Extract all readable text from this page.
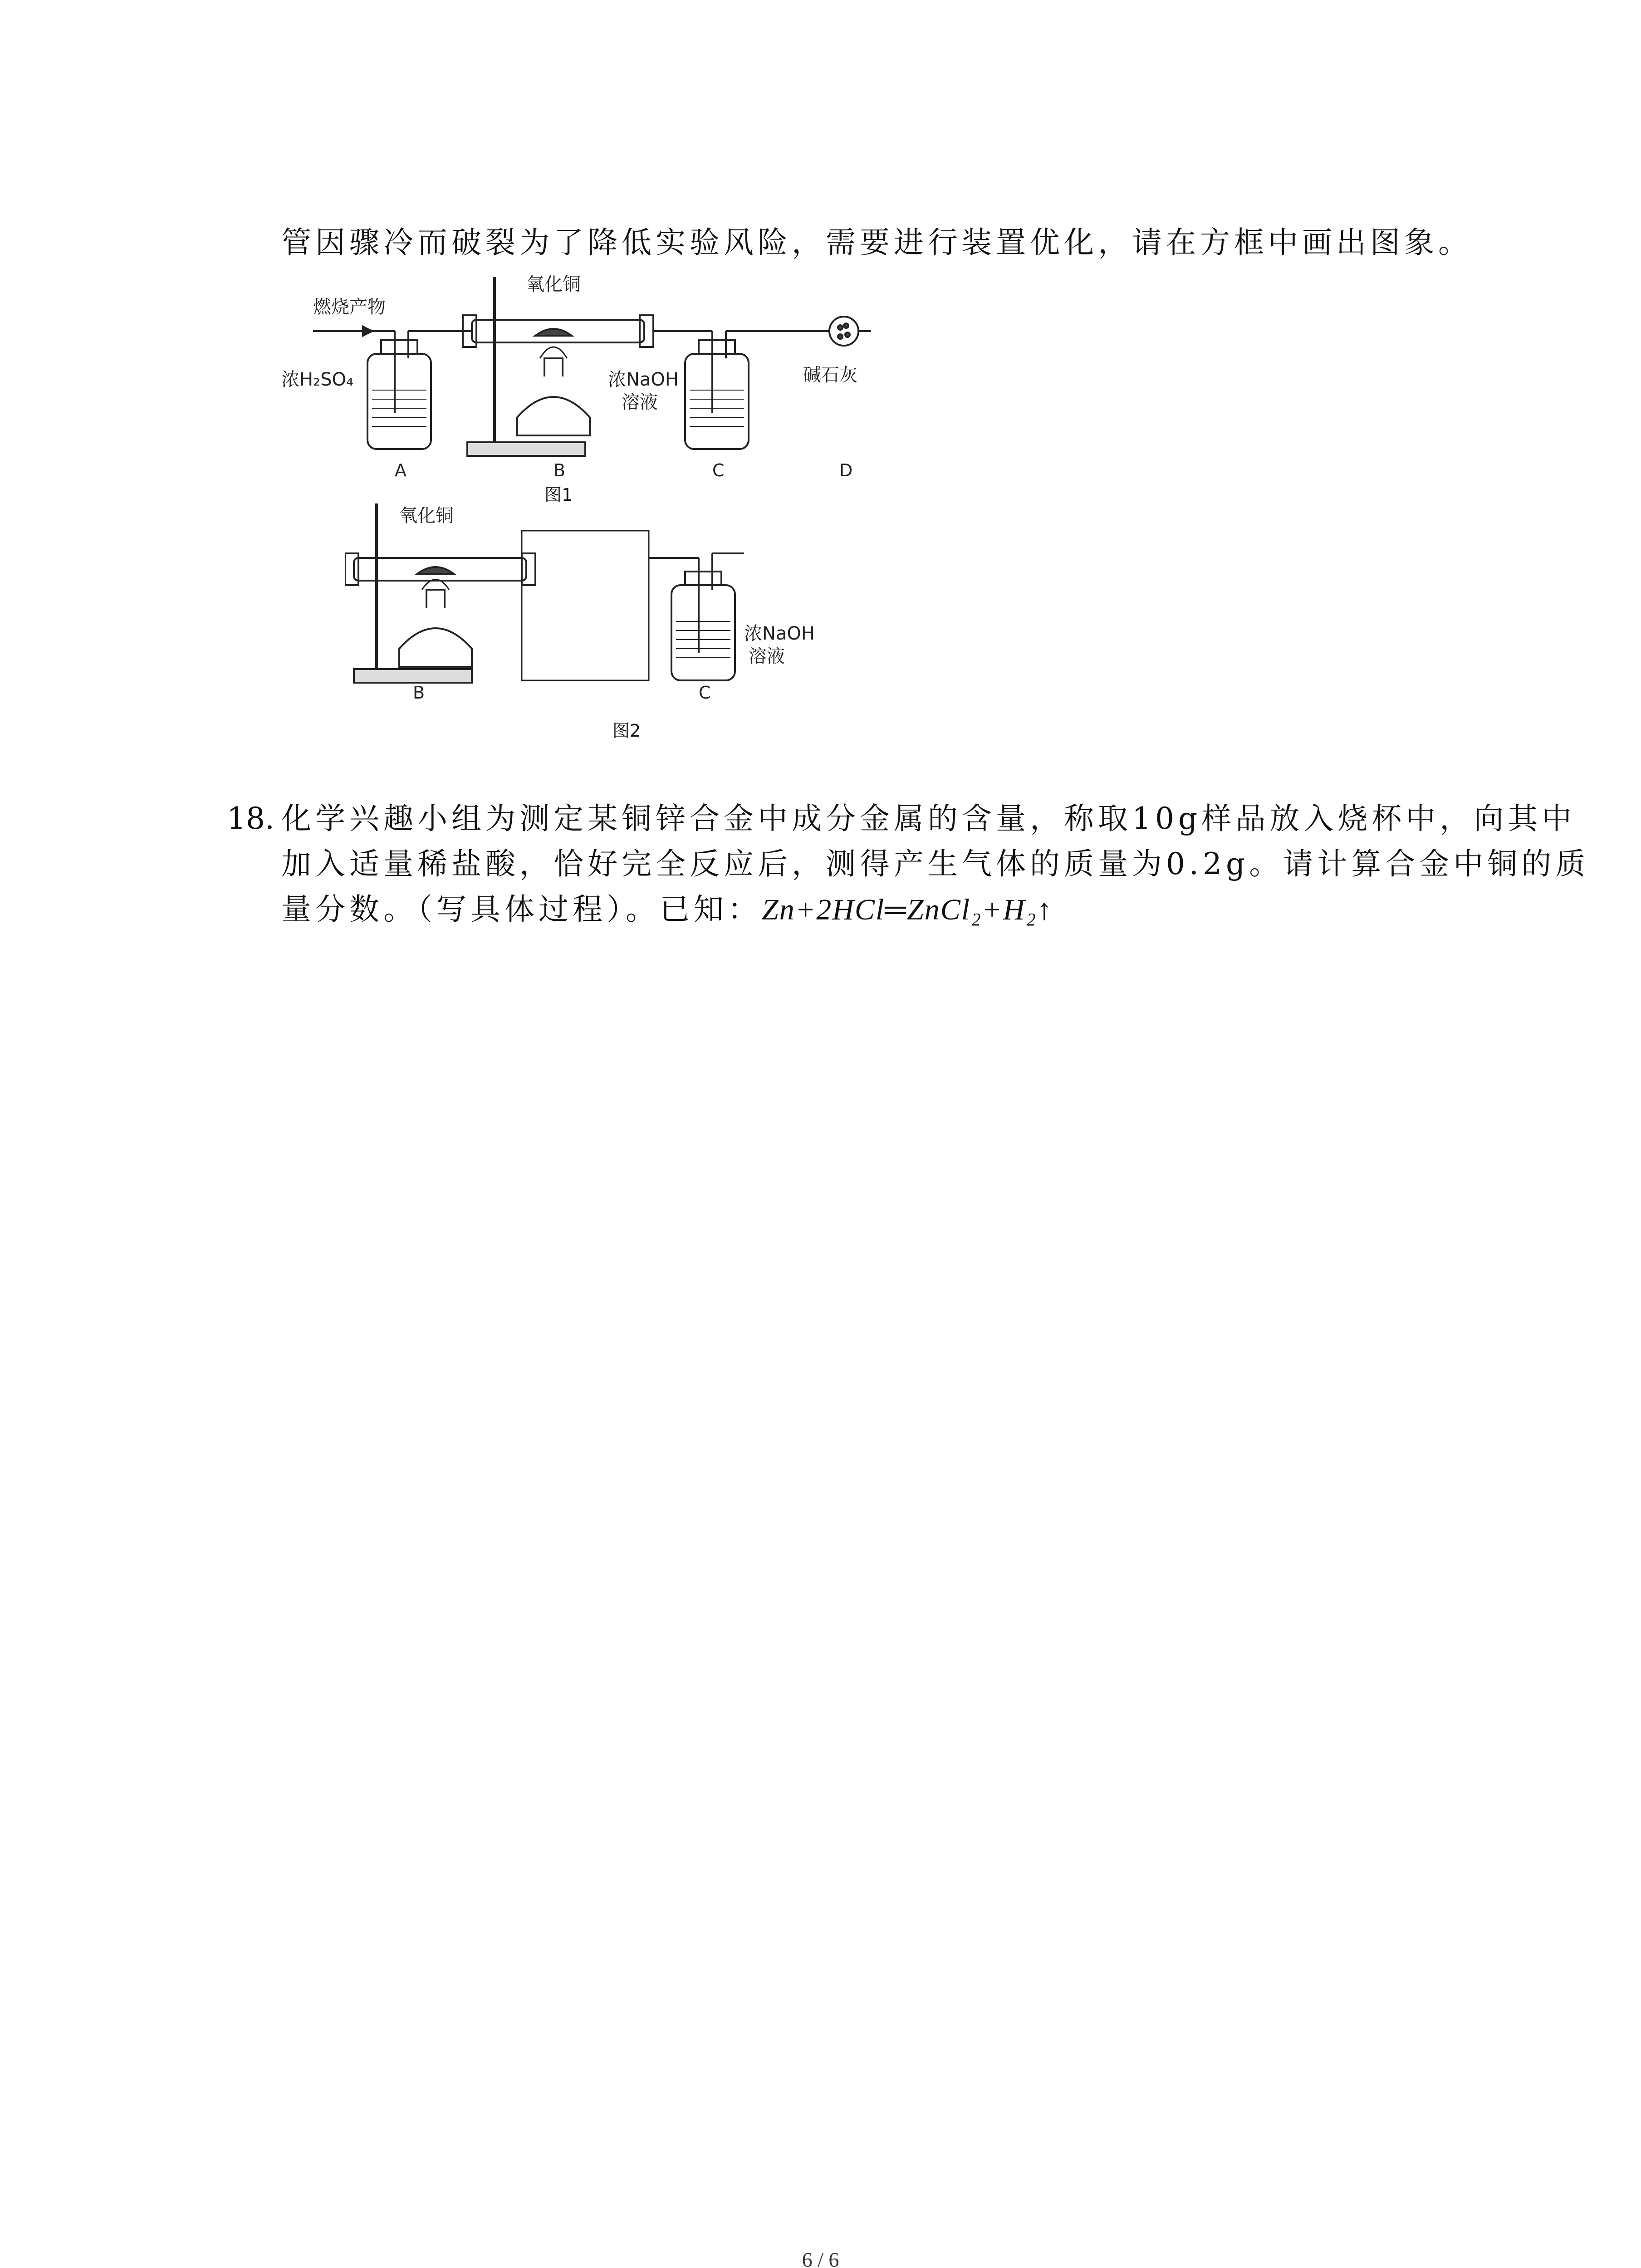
管因骤冷而破裂为了降低实验风险，需要进行装置优化，请在方框中画出图象。
燃烧产物
氧化铜
浓H₂SO₄	浓NaOH
溶液
碱石灰
A	B	C	D
图1
氧化铜
浓NaOH
溶液
B	C
图2
18. 化学兴趣小组为测定某铜锌合金中成分金属的含量，称取10g样品放入烧杯中，向其中
加入适量稀盐酸，恰好完全反应后，测得产生气体的质量为0.2g。请计算合金中铜的质
量分数。（写具体过程）。已知：Zn+2HCl═ZnCl₂+H₂↑
6 / 6
